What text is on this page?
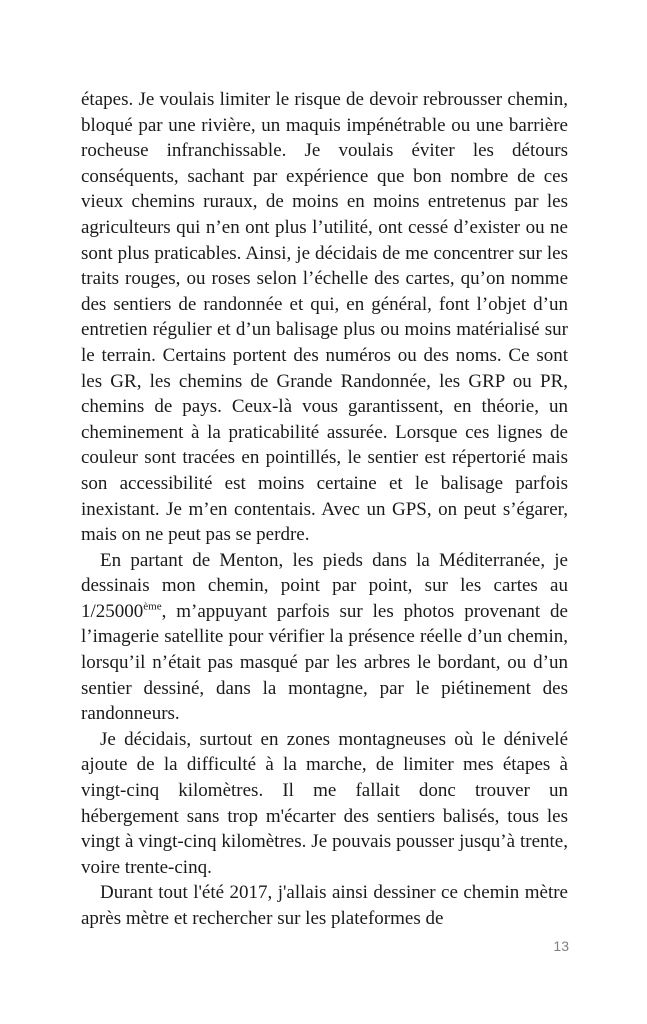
étapes. Je voulais limiter le risque de devoir rebrousser chemin, bloqué par une rivière, un maquis impénétrable ou une barrière rocheuse infranchissable. Je voulais éviter les détours conséquents, sachant par expérience que bon nombre de ces vieux chemins ruraux, de moins en moins entretenus par les agriculteurs qui n’en ont plus l’utilité, ont cessé d’exister ou ne sont plus praticables. Ainsi, je décidais de me concentrer sur les traits rouges, ou roses selon l’échelle des cartes, qu’on nomme des sentiers de randonnée et qui, en général, font l’objet d’un entretien régulier et d’un balisage plus ou moins matérialisé sur le terrain. Certains portent des numéros ou des noms. Ce sont les GR, les chemins de Grande Randonnée, les GRP ou PR, chemins de pays. Ceux-là vous garantissent, en théorie, un cheminement à la praticabilité assurée. Lorsque ces lignes de couleur sont tracées en pointillés, le sentier est répertorié mais son accessibilité est moins certaine et le balisage parfois inexistant. Je m’en contentais. Avec un GPS, on peut s’égarer, mais on ne peut pas se perdre.

En partant de Menton, les pieds dans la Méditerranée, je dessinais mon chemin, point par point, sur les cartes au 1/25000ème, m’appuyant parfois sur les photos provenant de l’imagerie satellite pour vérifier la présence réelle d’un chemin, lorsqu’il n’était pas masqué par les arbres le bordant, ou d’un sentier dessiné, dans la montagne, par le piétinement des randonneurs.

Je décidais, surtout en zones montagneuses où le dénivelé ajoute de la difficulté à la marche, de limiter mes étapes à vingt-cinq kilomètres. Il me fallait donc trouver un hébergement sans trop m'écarter des sentiers balisés, tous les vingt à vingt-cinq kilomètres. Je pouvais pousser jusqu’à trente, voire trente-cinq.

Durant tout l'été 2017, j'allais ainsi dessiner ce chemin mètre après mètre et rechercher sur les plateformes de

13
